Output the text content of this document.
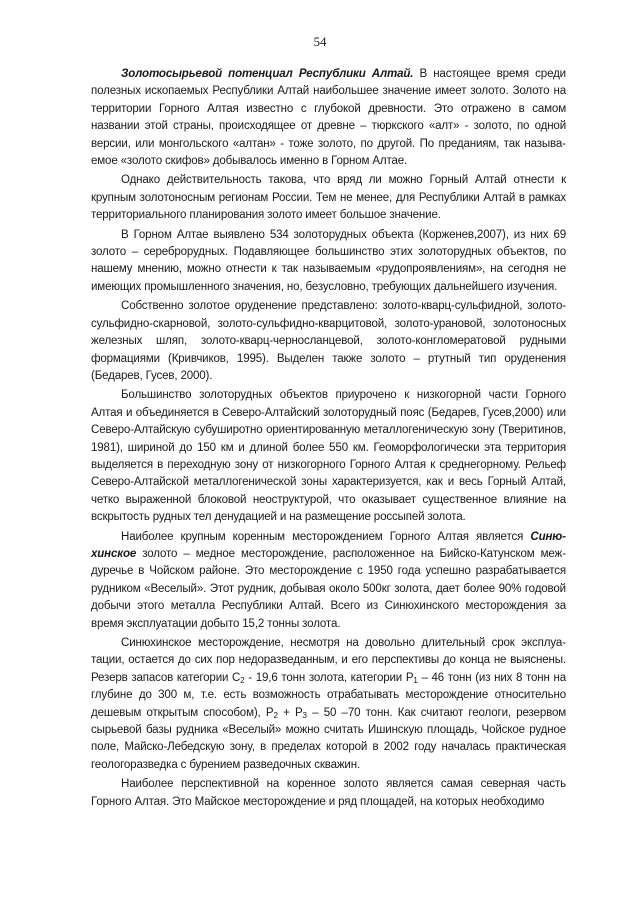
54

Золотосырьевой потенциал Республики Алтай. В настоящее время среди полезных ископаемых Республики Алтай наибольшее значение имеет золото. Золото на территории Горного Алтая известно с глубокой древности. Это отражено в самом названии этой страны, происходящее от древне – тюркского «алт» - золото, по одной версии, или монгольского «алтан» - тоже золото, по другой. По преданиям, так называемое «золото скифов» добывалось именно в Горном Алтае.

Однако действительность такова, что вряд ли можно Горный Алтай отнести к крупным золотоносным регионам России. Тем не менее, для Республики Алтай в рамках территориального планирования золото имеет большое значение.

В Горном Алтае выявлено 534 золоторудных объекта (Корженев,2007), из них 69 золото – сереброрудных. Подавляющее большинство этих золоторудных объектов, по нашему мнению, можно отнести к так называемым «рудопроявлениям», на сегодня не имеющих промышленного значения, но, безусловно, требующих дальнейшего изучения.

Собственно золотое оруденение представлено: золото-кварц-сульфидной, золото-сульфидно-скарновой, золото-сульфидно-кварцитовой, золото-урановой, золотоносных железных шляп, золото-кварц-черносланцевой, золото-конгломератовой рудными формациями (Кривчиков, 1995). Выделен также золото – ртутный тип оруденения (Бедарев, Гусев, 2000).

Большинство золоторудных объектов приурочено к низкогорной части Горного Алтая и объединяется в Северо-Алтайский золоторудный пояс (Бедарев, Гусев,2000) или Северо-Алтайскую субуширотно ориентированную металлогеническую зону (Тверитинов, 1981), шириной до 150 км и длиной более 550 км. Геоморфологически эта территория выделяется в переходную зону от низкогорного Горного Алтая к среднегорному. Рельеф Северо-Алтайской металлогенической зоны характеризуется, как и весь Горный Алтай, четко выраженной блоковой неоструктурой, что оказывает существенное влияние на вскрытость рудных тел денудацией и на размещение россыпей золота.

Наиболее крупным коренным месторождением Горного Алтая является Синюхинское золото – медное месторождение, расположенное на Бийско-Катунском междуречье в Чойском районе. Это месторождение с 1950 года успешно разрабатывается рудником «Веселый». Этот рудник, добывая около 500кг золота, дает более 90% годовой добычи этого металла Республики Алтай. Всего из Синюхинского месторождения за время эксплуатации добыто 15,2 тонны золота.

Синюхинское месторождение, несмотря на довольно длительный срок эксплуатации, остается до сих пор недоразведанным, и его перспективы до конца не выяснены. Резерв запасов категории $С_2 - 19,6$ тонн золота, категории $Р_1 - 46$ тонн (из них 8 тонн на глубине до 300 м, т.е. есть возможность отрабатывать месторождение относительно дешевым открытым способом), $Р_2 + Р_3 - 50$ –70 тонн. Как считают геологи, резервом сырьевой базы рудника «Веселый» можно считать Ишинскую площадь, Чойское рудное поле, Майско-Лебедскую зону, в пределах которой в 2002 году началась практическая геологоразведка с бурением разведочных скважин.

Наиболее перспективной на коренное золото является самая северная часть Горного Алтая. Это Майское месторождение и ряд площадей, на которых необходимо
